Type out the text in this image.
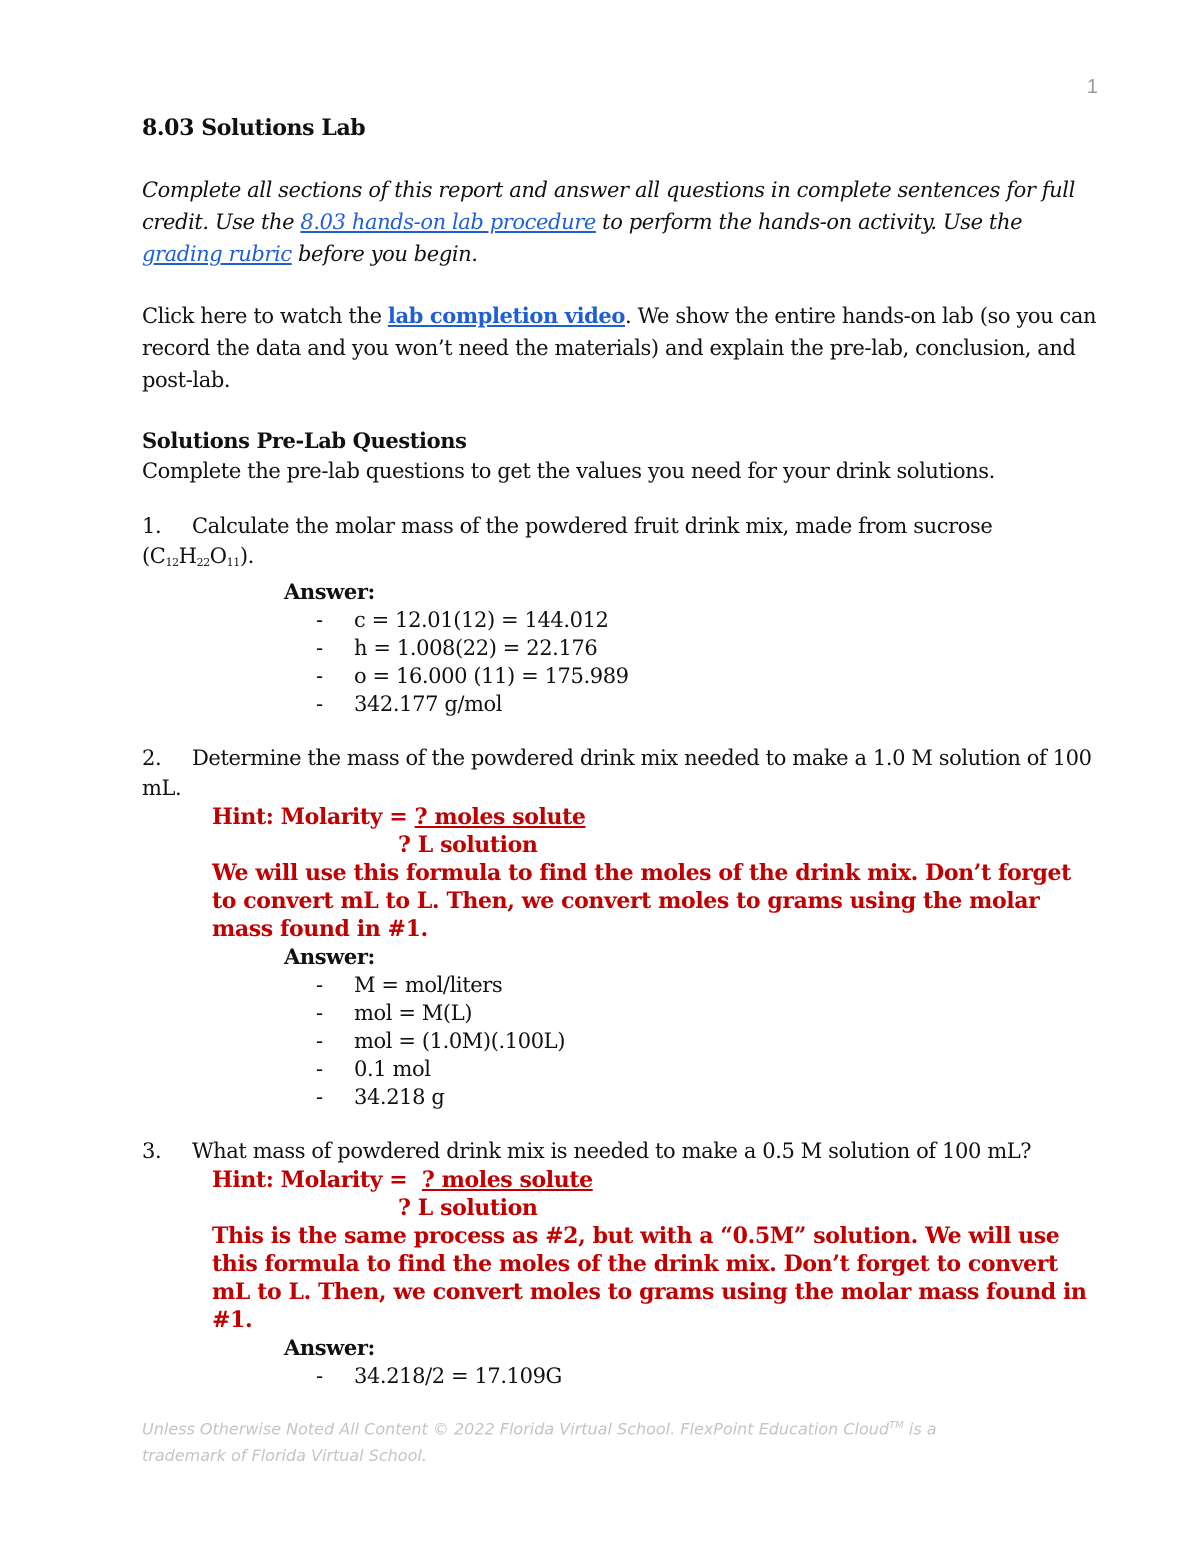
1

8.03 Solutions Lab

Complete all sections of this report and answer all questions in complete sentences for full credit. Use the 8.03 hands-on lab procedure to perform the hands-on activity. Use the grading rubric before you begin.
Click here to watch the lab completion video. We show the entire hands-on lab (so you can record the data and you won’t need the materials) and explain the pre-lab, conclusion, and post-lab.
Solutions Pre-Lab Questions
Complete the pre-lab questions to get the values you need for your drink solutions.
1. Calculate the molar mass of the powdered fruit drink mix, made from sucrose
$(C_{12}H_{22}O_{11})$.
Answer:
- c = 12.01(12) = 144.012
- h = 1.008(22) = 22.176
- o = 16.000 (11) = 175.989
- 342.177 g/mol
2. Determine the mass of the powdered drink mix needed to make a 1.0 M solution of 100 mL.
Hint: Molarity = ? moles solute
? L solution
We will use this formula to find the moles of the drink mix. Don’t forget to convert mL to L. Then, we convert moles to grams using the molar mass found in #1.
Answer:
- M = mol/liters
- mol = M(L)
- mol = (1.0M)(.100L)
- 0.1 mol
- 34.218 g
3. What mass of powdered drink mix is needed to make a 0.5 M solution of 100 mL?
Hint: Molarity =  ? moles solute
? L solution
This is the same process as #2, but with a “0.5M” solution. We will use this formula to find the moles of the drink mix. Don’t forget to convert mL to L. Then, we convert moles to grams using the molar mass found in #1.
Answer:
- 34.218/2 = 17.109G
Unless Otherwise Noted All Content © 2022 Florida Virtual School. FlexPoint Education Cloud™ is a trademark of Florida Virtual School.
